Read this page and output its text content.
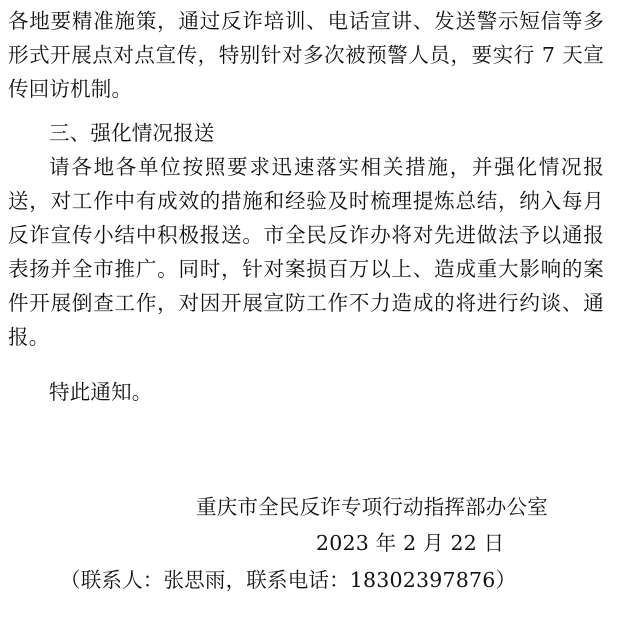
各地要精准施策，通过反诈培训、电话宣讲、发送警示短信等多形式开展点对点宣传，特别针对多次被预警人员，要实行 7 天宣传回访机制。

三、强化情况报送

请各地各单位按照要求迅速落实相关措施，并强化情况报送，对工作中有成效的措施和经验及时梳理提炼总结，纳入每月反诈宣传小结中积极报送。市全民反诈办将对先进做法予以通报表扬并全市推广。同时，针对案损百万以上、造成重大影响的案件开展倒查工作，对因开展宣防工作不力造成的将进行约谈、通报。

特此通知。

重庆市全民反诈专项行动指挥部办公室
2023 年 2 月 22 日
（联系人：张思雨，联系电话：18302397876）
